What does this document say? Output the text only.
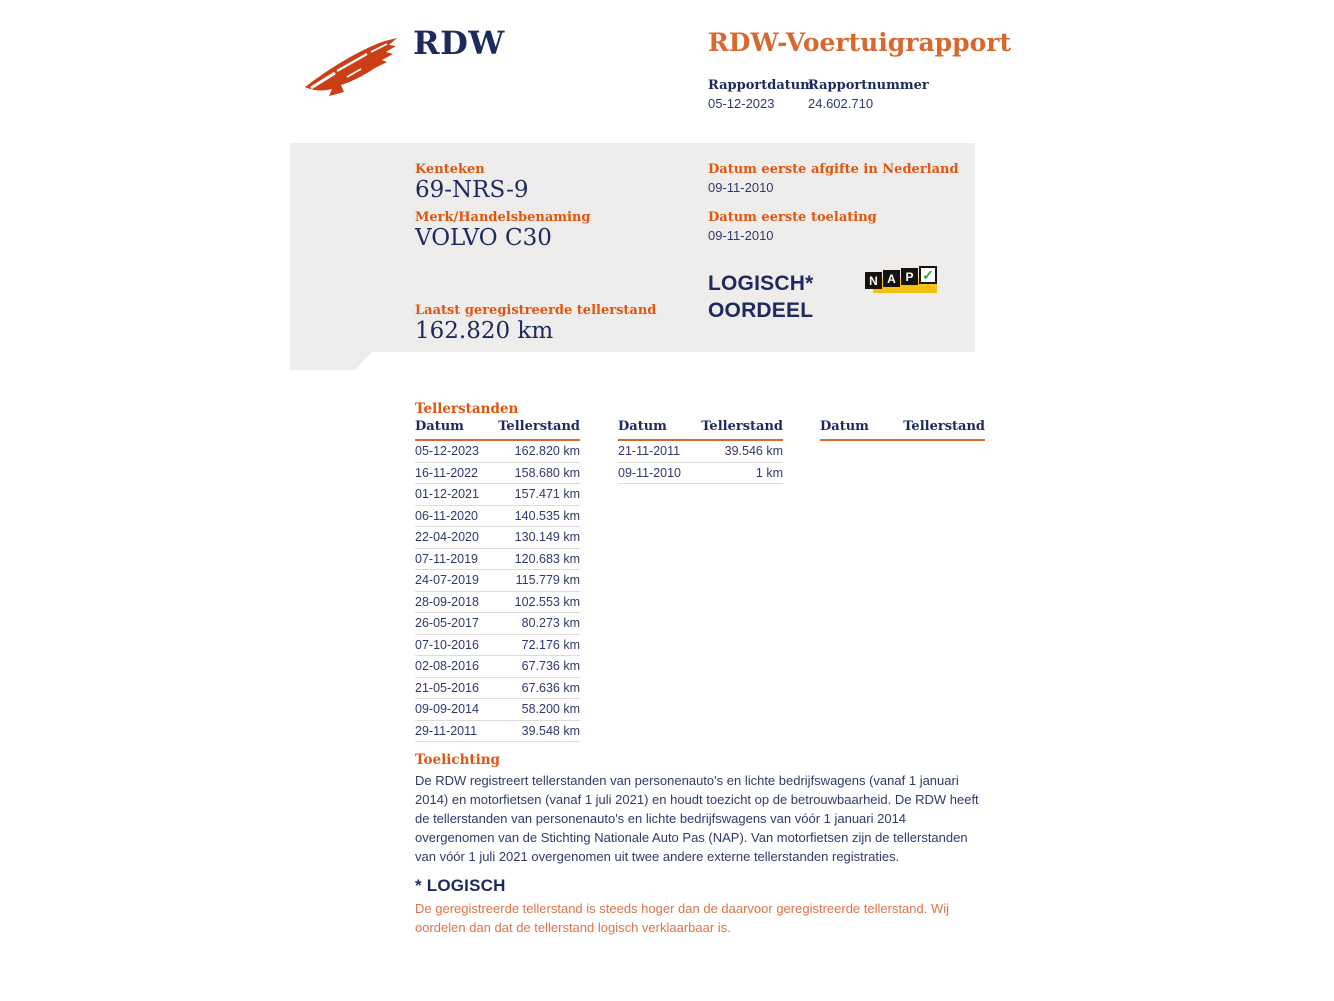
RDW	RDW-Voertuigrapport
Rapportdatum
Rapportnummer
05-12-2023	24.602.710
Kenteken
69-NRS-9
Merk/Handelsbenaming
VOLVO C30
Laatst geregistreerde tellerstand
162.820 km
Datum eerste afgifte in Nederland
09-11-2010
Datum eerste toelating
09-11-2010
LOGISCH*
OORDEEL
N A P ✓
Tellerstanden
Datum	Tellerstand
05-12-2023	162.820 km
16-11-2022	158.680 km
01-12-2021	157.471 km
06-11-2020	140.535 km
22-04-2020	130.149 km
07-11-2019	120.683 km
24-07-2019	115.779 km
28-09-2018	102.553 km
26-05-2017	80.273 km
07-10-2016	72.176 km
02-08-2016	67.736 km
21-05-2016	67.636 km
09-09-2014	58.200 km
29-11-2011	39.548 km
Datum	Tellerstand
21-11-2011	39.546 km
09-11-2010	1 km
Datum	Tellerstand
Toelichting
De RDW registreert tellerstanden van personenauto's en lichte bedrijfswagens (vanaf 1 januari 2014) en motorfietsen (vanaf 1 juli 2021) en houdt toezicht op de betrouwbaarheid. De RDW heeft de tellerstanden van personenauto's en lichte bedrijfswagens van vóór 1 januari 2014 overgenomen van de Stichting Nationale Auto Pas (NAP). Van motorfietsen zijn de tellerstanden van vóór 1 juli 2021 overgenomen uit twee andere externe tellerstanden registraties.
* LOGISCH
De geregistreerde tellerstand is steeds hoger dan de daarvoor geregistreerde tellerstand. Wij oordelen dan dat de tellerstand logisch verklaarbaar is.
